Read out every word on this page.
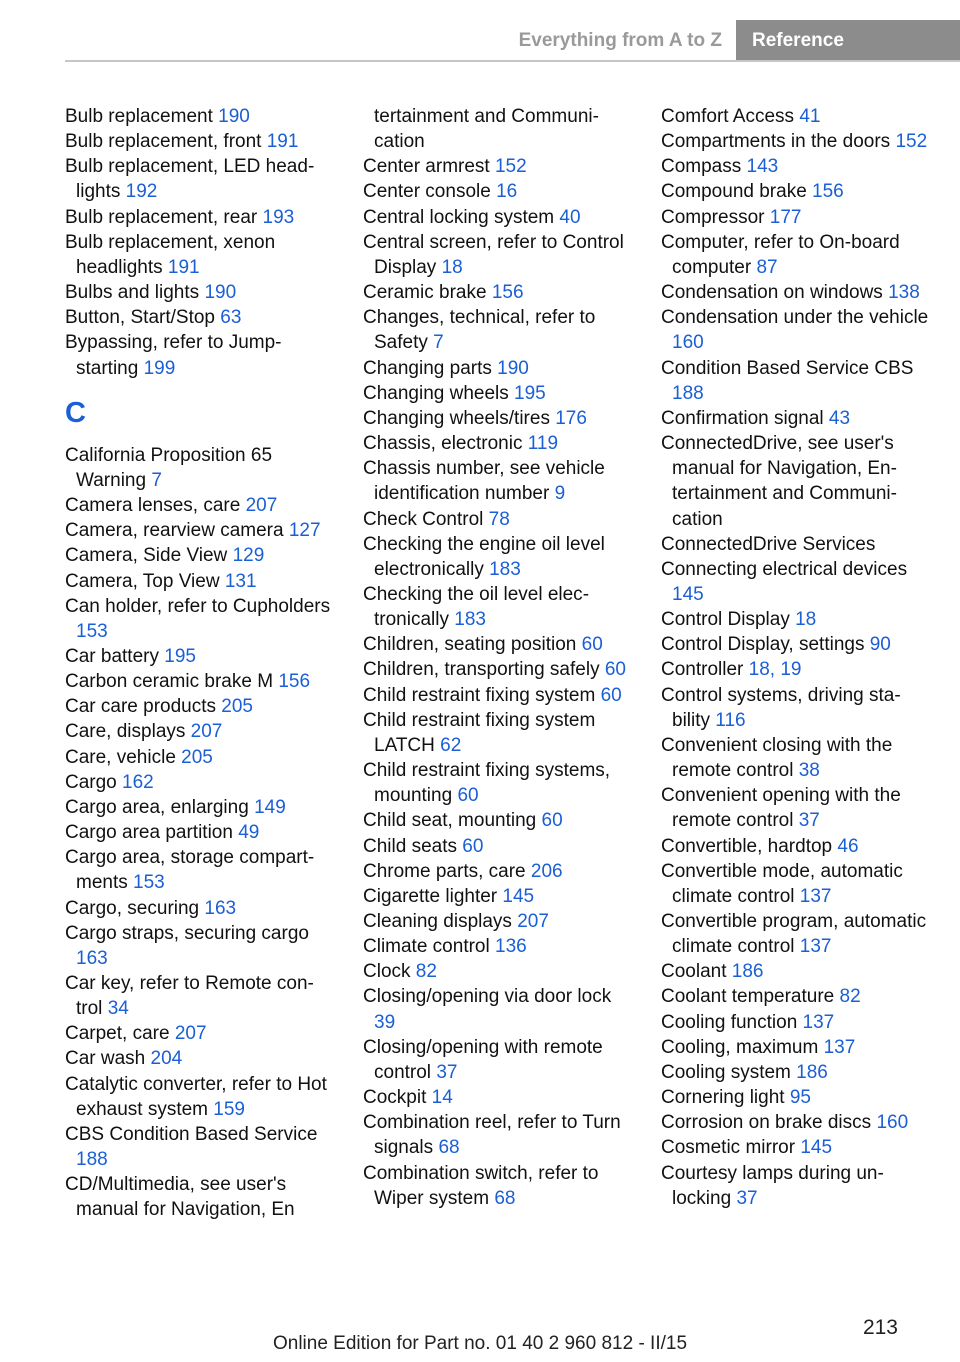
Everything from A to Z Reference
Bulb replacement 190
Bulb replacement, front 191
Bulb replacement, LED headlights 192
Bulb replacement, rear 193
Bulb replacement, xenon headlights 191
Bulbs and lights 190
Button, Start/Stop 63
Bypassing, refer to Jump-starting 199
C
California Proposition 65 Warning 7
Camera lenses, care 207
Camera, rearview camera 127
Camera, Side View 129
Camera, Top View 131
Can holder, refer to Cupholders 153
Car battery 195
Carbon ceramic brake M 156
Car care products 205
Care, displays 207
Care, vehicle 205
Cargo 162
Cargo area, enlarging 149
Cargo area partition 49
Cargo area, storage compartments 153
Cargo, securing 163
Cargo straps, securing cargo 163
Car key, refer to Remote control 34
Carpet, care 207
Car wash 204
Catalytic converter, refer to Hot exhaust system 159
CBS Condition Based Service 188
CD/Multimedia, see user's manual for Navigation, En
tertainment and Communication
Center armrest 152
Center console 16
Central locking system 40
Central screen, refer to Control Display 18
Ceramic brake 156
Changes, technical, refer to Safety 7
Changing parts 190
Changing wheels 195
Changing wheels/tires 176
Chassis, electronic 119
Chassis number, see vehicle identification number 9
Check Control 78
Checking the engine oil level electronically 183
Checking the oil level electronically 183
Children, seating position 60
Children, transporting safely 60
Child restraint fixing system 60
Child restraint fixing system LATCH 62
Child restraint fixing systems, mounting 60
Child seat, mounting 60
Child seats 60
Chrome parts, care 206
Cigarette lighter 145
Cleaning displays 207
Climate control 136
Clock 82
Closing/opening via door lock 39
Closing/opening with remote control 37
Cockpit 14
Combination reel, refer to Turn signals 68
Combination switch, refer to Wiper system 68
Comfort Access 41
Compartments in the doors 152
Compass 143
Compound brake 156
Compressor 177
Computer, refer to On-board computer 87
Condensation on windows 138
Condensation under the vehicle 160
Condition Based Service CBS 188
Confirmation signal 43
ConnectedDrive, see user's manual for Navigation, Entertainment and Communication
ConnectedDrive Services
Connecting electrical devices 145
Control Display 18
Control Display, settings 90
Controller 18, 19
Control systems, driving stability 116
Convenient closing with the remote control 38
Convenient opening with the remote control 37
Convertible, hardtop 46
Convertible mode, automatic climate control 137
Convertible program, automatic climate control 137
Coolant 186
Coolant temperature 82
Cooling function 137
Cooling, maximum 137
Cooling system 186
Cornering light 95
Corrosion on brake discs 160
Cosmetic mirror 145
Courtesy lamps during unlocking 37
213
Online Edition for Part no. 01 40 2 960 812 - II/15
